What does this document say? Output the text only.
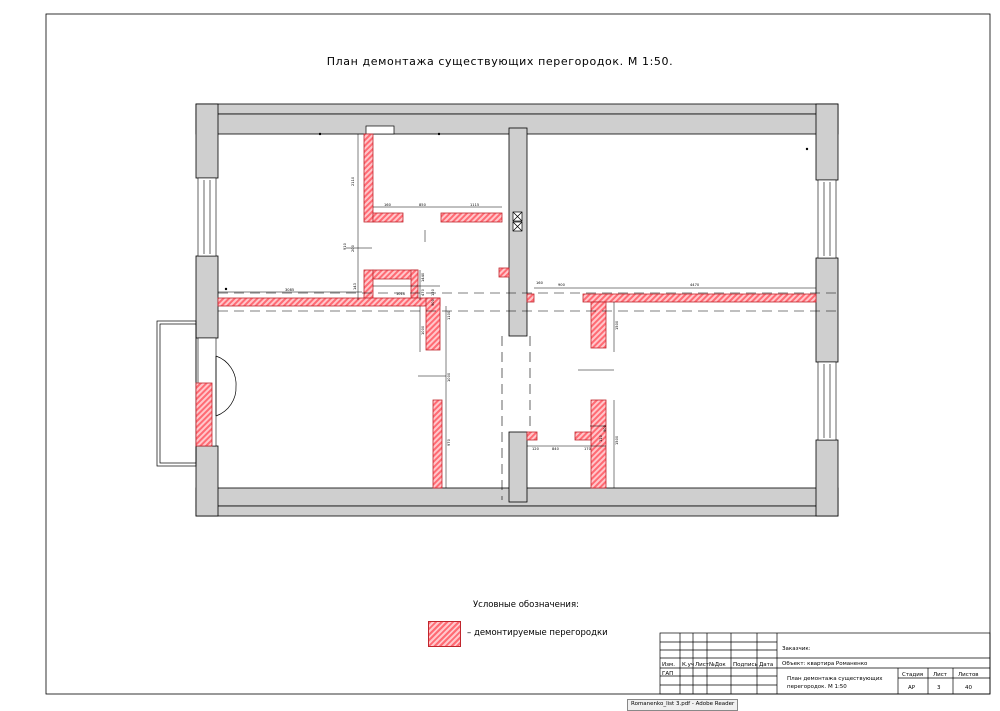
2110
160	850	1115
3085
1010
200
143
470 120
1000
1100
1000
1440
4470
160
120
900
840	170
110
900
1500
1500
970
900
910
Заказчик:
Объект: квартира Романенко
Изм. К.уч Лист №Док Подпись Дата
ГАП
План демонтажа существующих
перегородок. М 1:50
Стадия Лист Листов
АР	3	40
План демонтажа существующих перегородок. М 1:50.
Условные обозначения:
– демонтируемые перегородки
Romanenko_list 3.pdf - Adobe Reader
